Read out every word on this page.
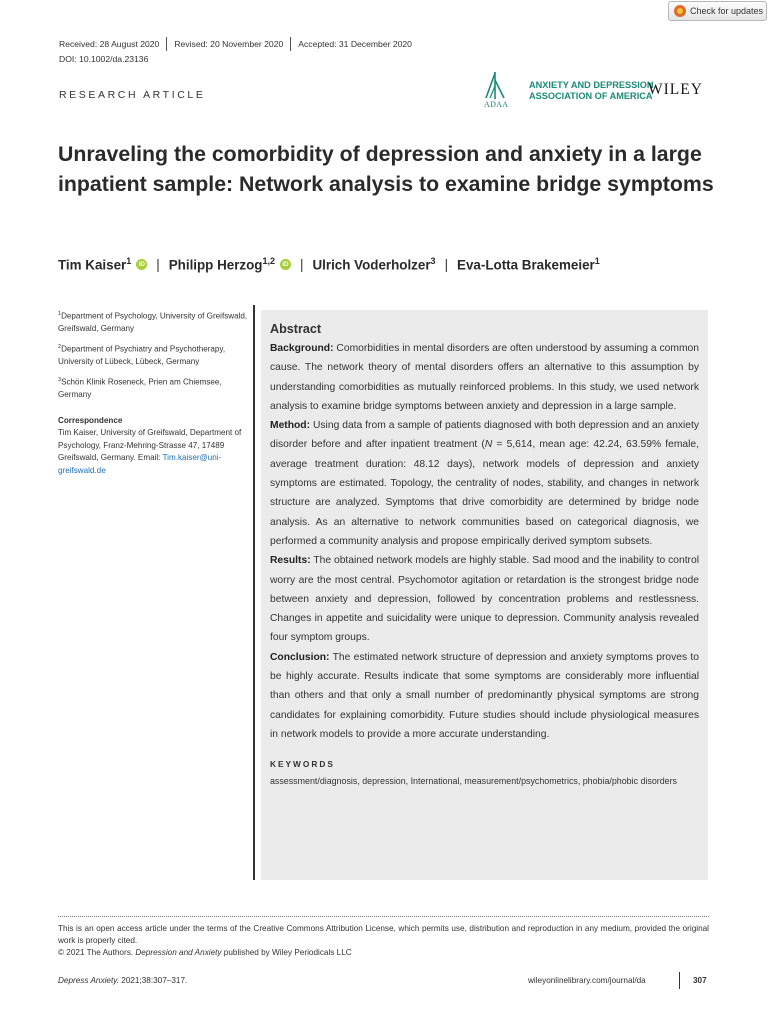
Check for updates
Received: 28 August 2020	Revised: 20 November 2020	Accepted: 31 December 2020
DOI: 10.1002/da.23136
RESEARCH ARTICLE
ADAA
ANXIETY AND DEPRESSION
ASSOCIATION OF AMERICA
WILEY
Unraveling the comorbidity of depression and anxiety in a large inpatient sample: Network analysis to examine bridge symptoms
Tim Kaiser$^1$	iD | Philipp Herzog$^{1,2}$	iD | Ulrich Voderholzer$^3$ | Eva-Lotta Brakemeier$^1$
$^1$Department of Psychology, University of Greifswald, Greifswald, Germany
$^2$Department of Psychiatry and Psychotherapy, University of Lübeck, Lübeck, Germany
$^3$Schön Klinik Roseneck, Prien am Chiemsee, Germany
Correspondence
Tim Kaiser, University of Greifswald, Department of Psychology, Franz-Mehring-Strasse 47, 17489 Greifswald, Germany. Email: Tim.kaiser@uni-greifswald.de
Abstract
Background: Comorbidities in mental disorders are often understood by assuming a common cause. The network theory of mental disorders offers an alternative to this assumption by understanding comorbidities as mutually reinforced problems. In this study, we used network analysis to examine bridge symptoms between anxiety and depression in a large sample.
Method: Using data from a sample of patients diagnosed with both depression and an anxiety disorder before and after inpatient treatment (N = 5,614, mean age: 42.24, 63.59% female, average treatment duration: 48.12 days), network models of depression and anxiety symptoms are estimated. Topology, the centrality of nodes, stability, and changes in network structure are analyzed. Symptoms that drive comorbidity are determined by bridge node analysis. As an alternative to network communities based on categorical diagnosis, we performed a community analysis and propose empirically derived symptom subsets.
Results: The obtained network models are highly stable. Sad mood and the inability to control worry are the most central. Psychomotor agitation or retardation is the strongest bridge node between anxiety and depression, followed by concentration problems and restlessness. Changes in appetite and suicidality were unique to depression. Community analysis revealed four symptom groups.
Conclusion: The estimated network structure of depression and anxiety symptoms proves to be highly accurate. Results indicate that some symptoms are considerably more influential than others and that only a small number of predominantly physical symptoms are strong candidates for explaining comorbidity. Future studies should include physiological measures in network models to provide a more accurate understanding.
KEYWORDS
assessment/diagnosis, depression, International, measurement/psychometrics, phobia/phobic disorders
This is an open access article under the terms of the Creative Commons Attribution License, which permits use, distribution and reproduction in any medium, provided the original work is properly cited.
© 2021 The Authors. Depression and Anxiety published by Wiley Periodicals LLC
Depress Anxiety. 2021;38:307–317.	wileyonlinelibrary.com/journal/da	307
